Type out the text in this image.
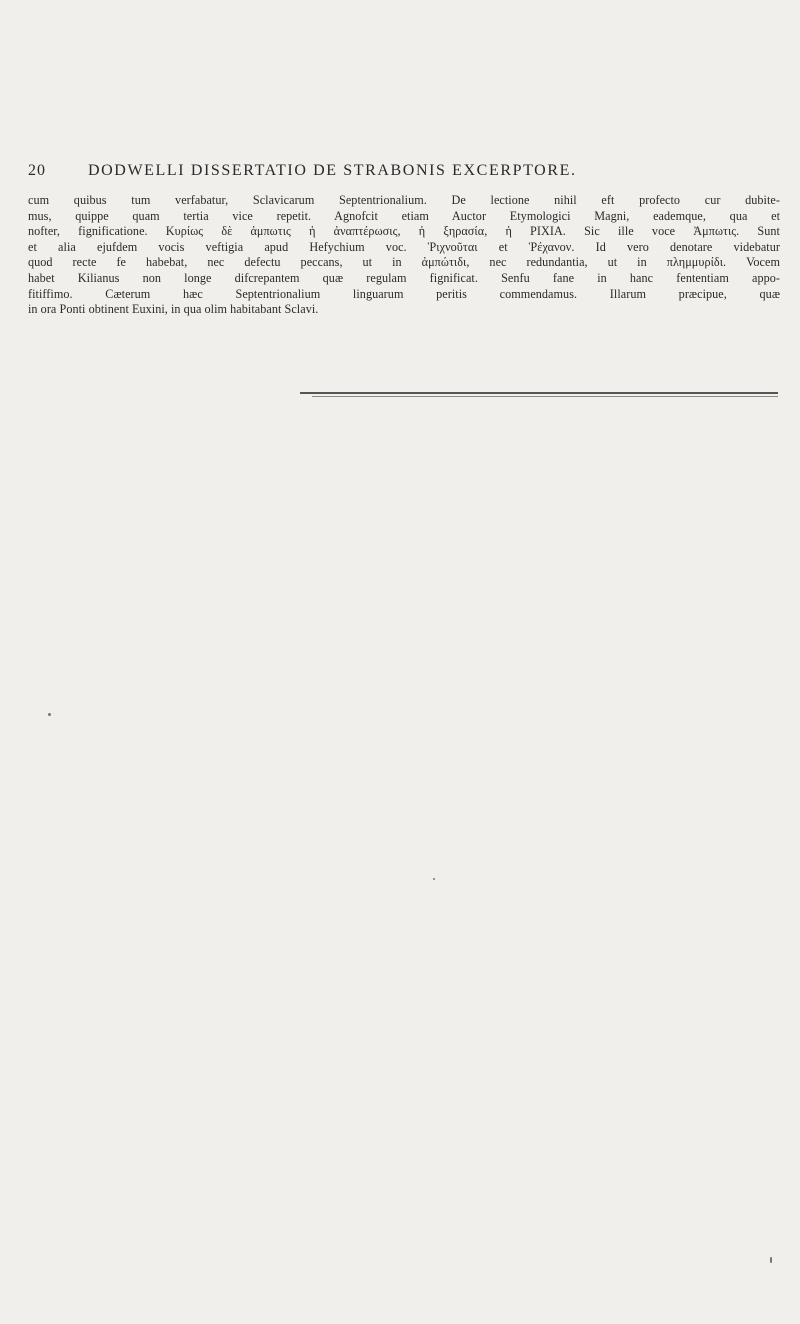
20	DODWELLI DISSERTATIO DE STRABONIS EXCERPTORE.
cum quibus tum verfabatur, Sclavicarum Septentrionalium. De lectione nihil eft profecto cur dubite-
mus, quippe quam tertia vice repetit. Agnofcit etiam Auctor Etymologici Magni, eademque, qua et
nofter, fignificatione. Κυρίως δὲ ἀμπωτις ἡ ἀναπτέρωσις, ἡ ξηρασία, ἡ ΡΙΧΙΑ. Sic ille voce Ἀμπωτις. Sunt
et alia ejufdem vocis veftigia apud Hefychium voc. Ῥιχνοῦται et Ῥέχανον. Id vero denotare videbatur
quod recte fe habebat, nec defectu peccans, ut in ἀμπώτιδι, nec redundantia, ut in πλημμυρίδι. Vocem
habet Kilianus non longe difcrepantem quæ regulam fignificat. Senfu fane in hanc fententiam appo-
fitiffimo. Cæterum hæc Septentrionalium linguarum peritis commendamus. Illarum præcipue, quæ
in ora Ponti obtinent Euxini, in qua olim habitabant Sclavi.
